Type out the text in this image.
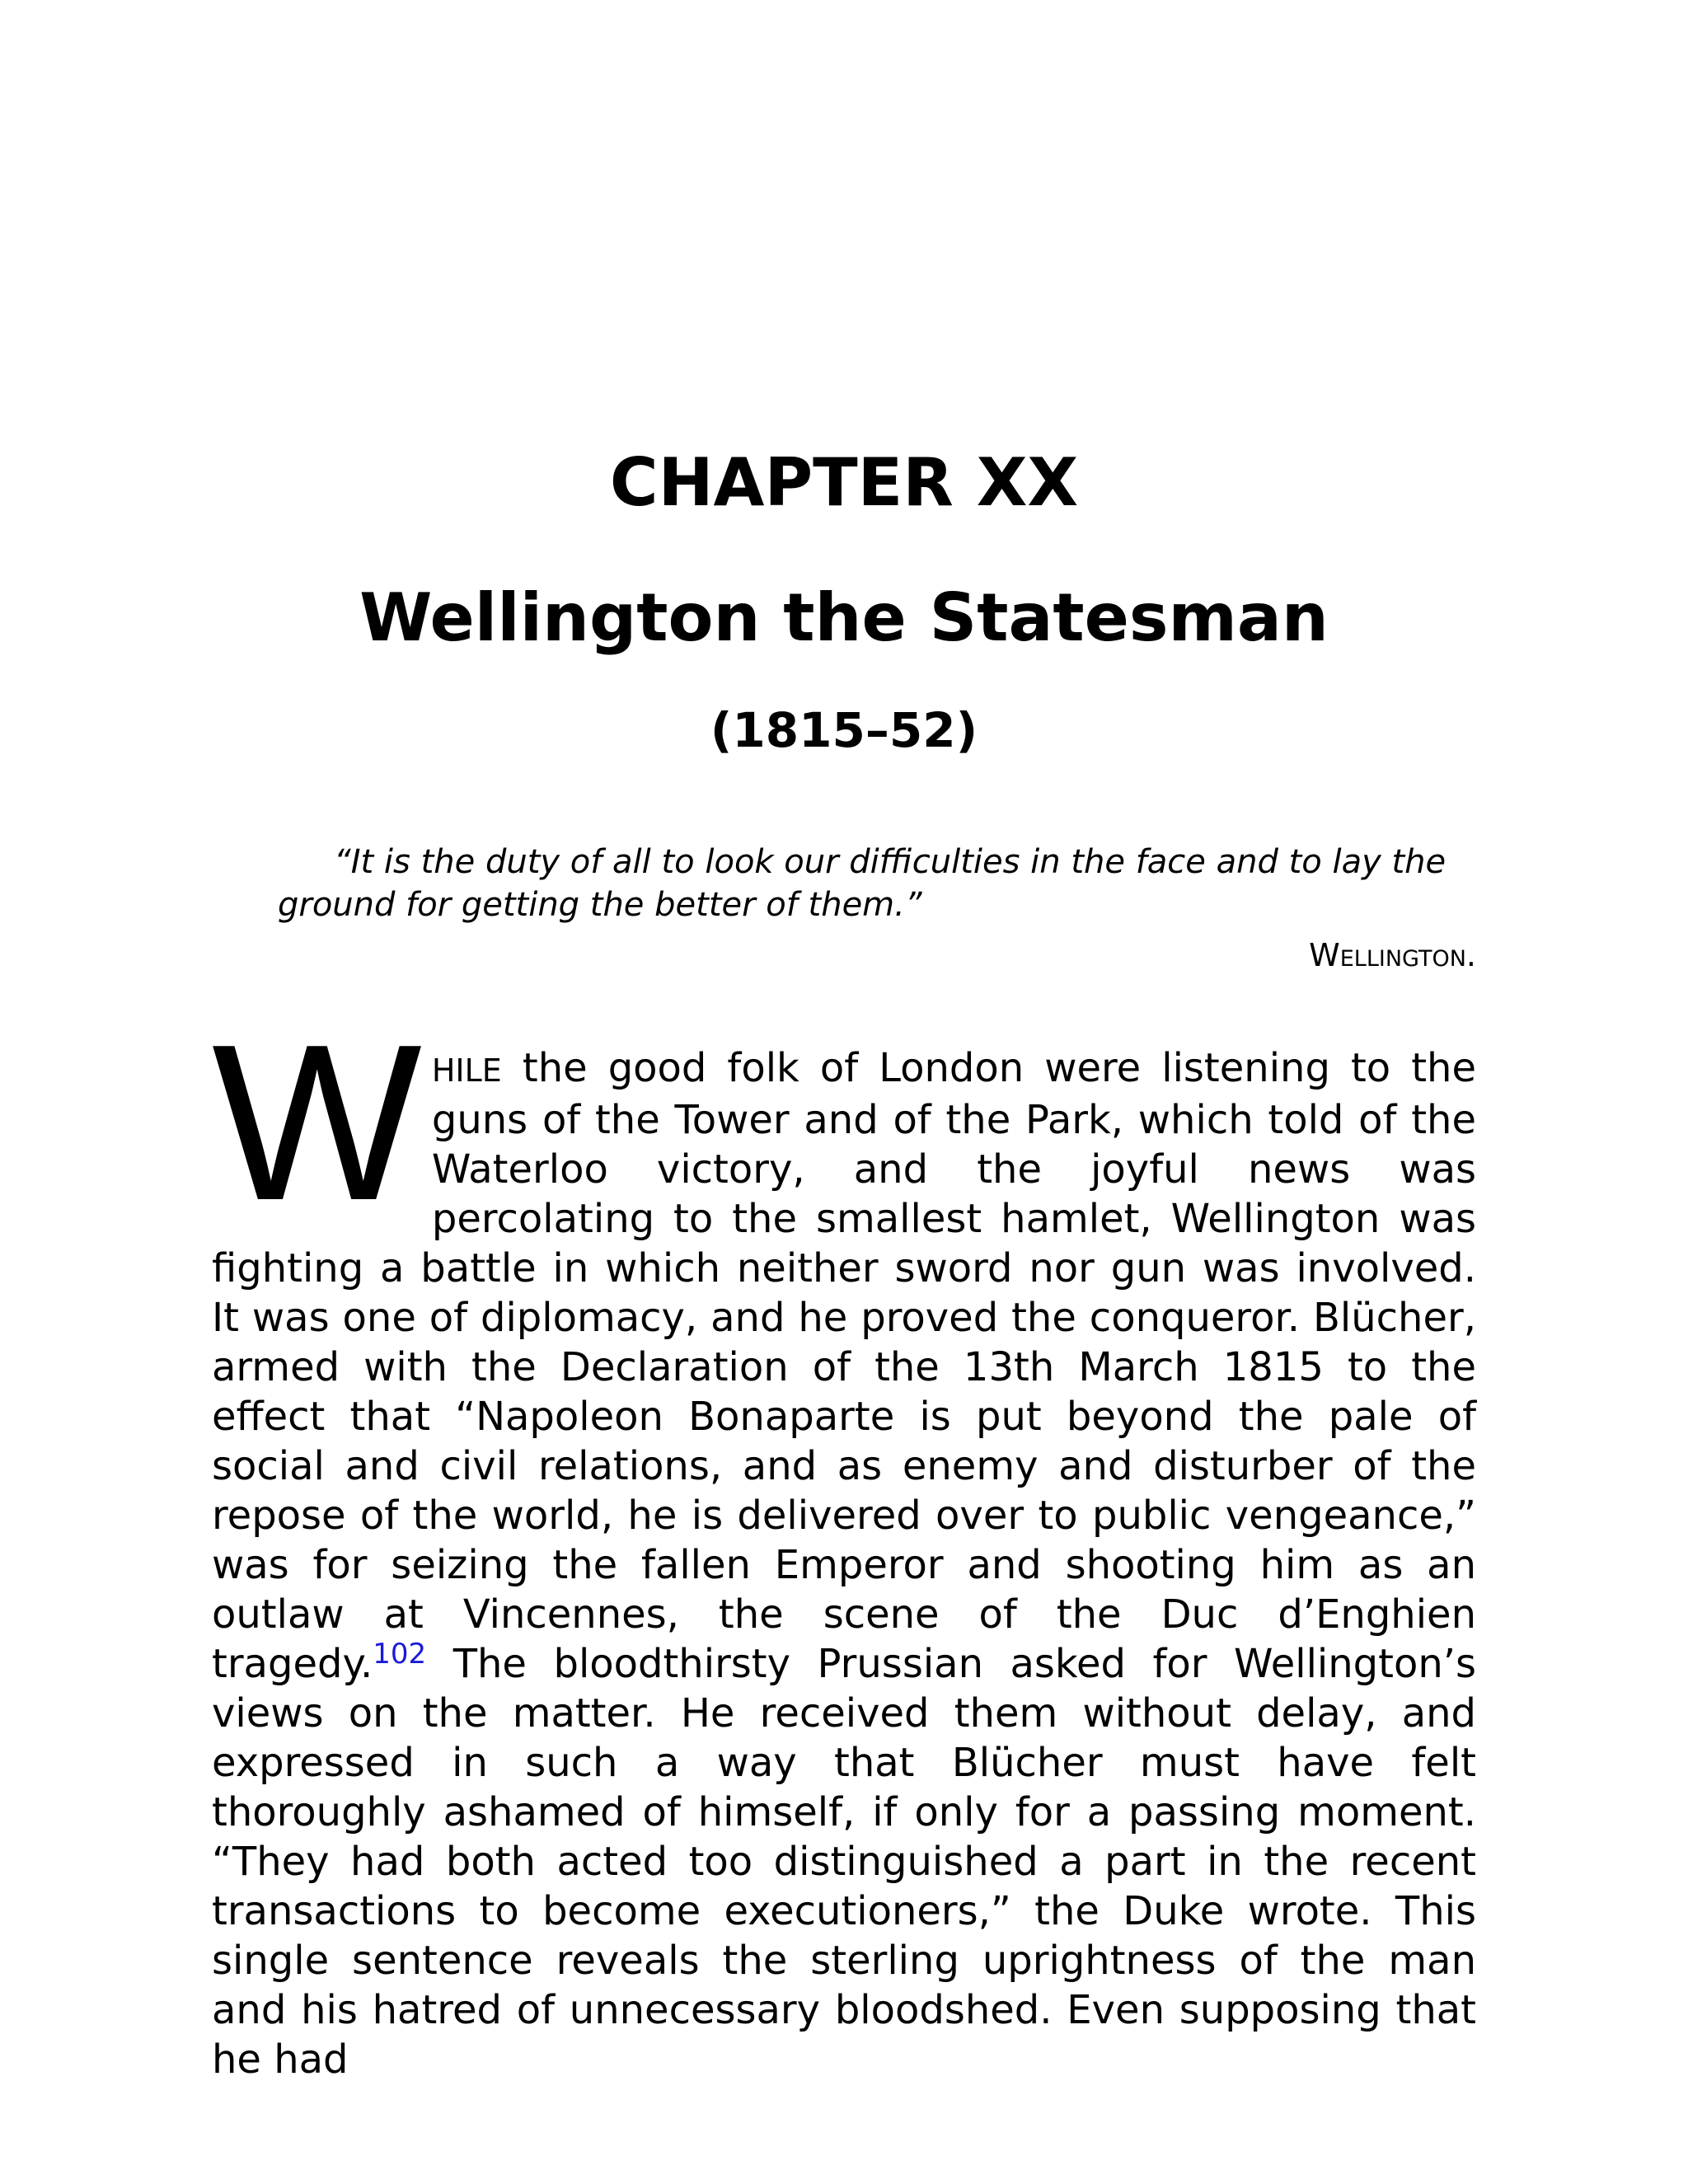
CHAPTER XX
Wellington the Statesman
(1815–52)

“It is the duty of all to look our difficulties in the face and to lay the ground for getting the better of them.”

Wellington.

WHILE the good folk of London were listening to the guns of the Tower and of the Park, which told of the Waterloo victory, and the joyful news was percolating to the smallest hamlet, Wellington was fighting a battle in which neither sword nor gun was involved. It was one of diplomacy, and he proved the conqueror. Blücher, armed with the Declaration of the 13th March 1815 to the effect that “Napoleon Bonaparte is put beyond the pale of social and civil relations, and as enemy and disturber of the repose of the world, he is delivered over to public vengeance,” was for seizing the fallen Emperor and shooting him as an outlaw at Vincennes, the scene of the Duc d’Enghien tragedy.$^{102}$ The bloodthirsty Prussian asked for Wellington’s views on the matter. He received them without delay, and expressed in such a way that Blücher must have felt thoroughly ashamed of himself, if only for a passing moment. “They had both acted too distinguished a part in the recent transactions to become executioners,” the Duke wrote. This single sentence reveals the sterling uprightness of the man and his hatred of unnecessary bloodshed. Even supposing that he had
